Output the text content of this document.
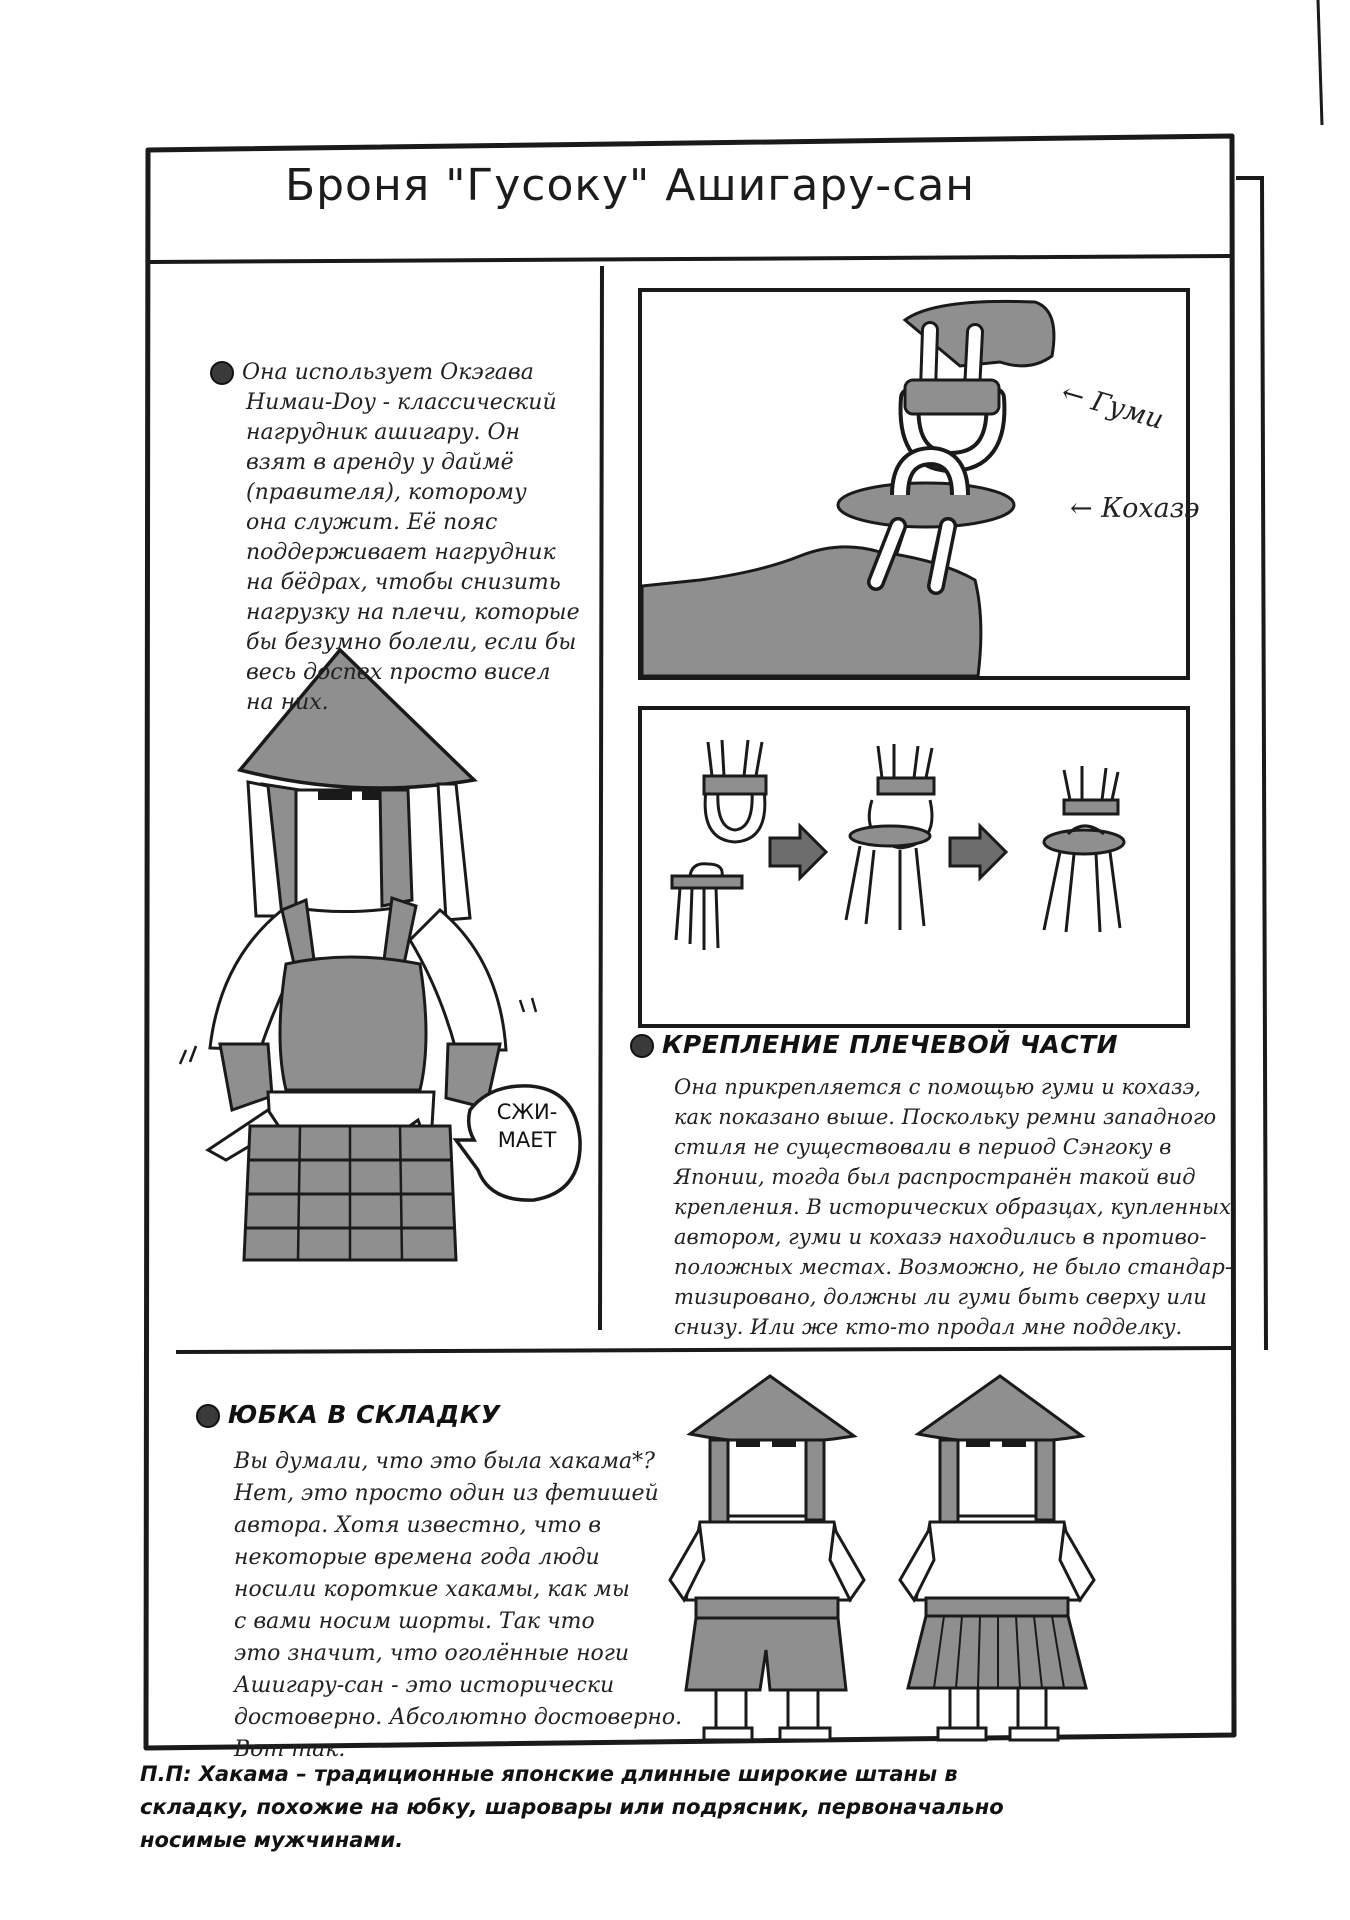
Броня "Гусоку" Ашигару-сан
Она использует Окэгава
Нимаи-Doy - классический
нагрудник ашигару. Он
взят в аренду у даймё
(правителя), которому
она служит. Её пояс
поддерживает нагрудник
на бёдрах, чтобы снизить
нагрузку на плечи, которые
бы безумно болели, если бы
весь доспех просто висел
на них.
СЖИ-
МАЕТ
← Гуми
← Кохазэ
КРЕПЛЕНИЕ ПЛЕЧЕВОЙ ЧАСТИ
Она прикрепляется с помощью гуми и кохазэ,
как показано выше. Поскольку ремни западного
стиля не существовали в период Сэнгоку в
Японии, тогда был распространён такой вид
крепления. В исторических образцах, купленных
автором, гуми и кохазэ находились в противо-
положных местах. Возможно, не было стандар-
тизировано, должны ли гуми быть сверху или
снизу. Или же кто-то продал мне подделку.
ЮБКА В СКЛАДКУ
Вы думали, что это была хакама*?
Нет, это просто один из фетишей
автора. Хотя известно, что в
некоторые времена года люди
носили короткие хакамы, как мы
с вами носим шорты. Так что
это значит, что оголённые ноги
Ашигару-сан - это исторически
достоверно. Абсолютно достоверно.
Вот так.
П.П: Хакама – традиционные японские длинные широкие штаны в
складку, похожие на юбку, шаровары или подрясник, первоначально
носимые мужчинами.
